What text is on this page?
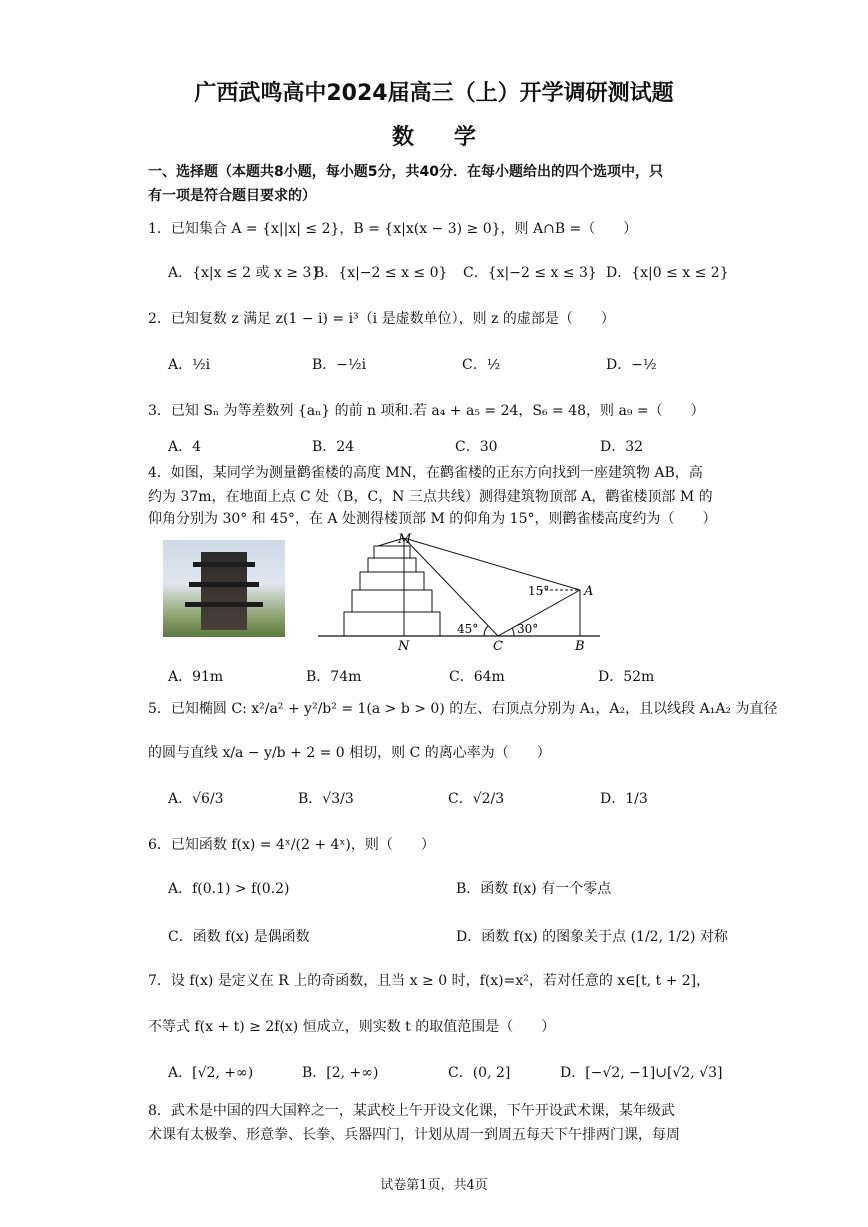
广西武鸣高中2024届高三（上）开学调研测试题
数学
一、选择题（本题共8小题，每小题5分，共40分．在每小题给出的四个选项中，只
有一项是符合题目要求的）
1．已知集合 A = {x||x| ≤ 2}，B = {x|x(x − 3) ≥ 0}，则 A∩B =（　　）
A．{x|x ≤ 2 或 x ≥ 3}
B．{x|−2 ≤ x ≤ 0} C．{x|−2 ≤ x ≤ 3} D．{x|0 ≤ x ≤ 2}
2．已知复数 z 满足 z(1 − i) = i³（i 是虚数单位），则 z 的虚部是（　　）
A．½i	B．−½i	C．½	D．−½
3．已知 Sₙ 为等差数列 {aₙ} 的前 n 项和.若 a₄ + a₅ = 24，S₆ = 48，则 a₉ =（　　）
A．4	B．24	C．30	D．32
4．如图，某同学为测量鹳雀楼的高度 MN，在鹳雀楼的正东方向找到一座建筑物 AB，高
约为 37m，在地面上点 C 处（B，C，N 三点共线）测得建筑物顶部 A，鹳雀楼顶部 M 的
仰角分别为 30° 和 45°，在 A 处测得楼顶部 M 的仰角为 15°，则鹳雀楼高度约为（　　）
M
A
N	C	B
15°
45°	30°
A．91m	B．74m	C．64m	D．52m
5．已知椭圆 C: x²/a² + y²/b² = 1(a > b > 0) 的左、右顶点分别为 A₁，A₂，且以线段 A₁A₂ 为直径
的圆与直线 x/a − y/b + 2 = 0 相切，则 C 的离心率为（　　）
A．√6/3	B．√3/3	C．√2/3	D．1/3
6．已知函数 f(x) = 4ˣ/(2 + 4ˣ)，则（　　）
A．f(0.1) > f(0.2)	B．函数 f(x) 有一个零点
C．函数 f(x) 是偶函数	D．函数 f(x) 的图象关于点 (1/2, 1/2) 对称
7．设 f(x) 是定义在 R 上的奇函数，且当 x ≥ 0 时，f(x)=x²，若对任意的 x∈[t, t + 2]，
不等式 f(x + t) ≥ 2f(x) 恒成立，则实数 t 的取值范围是（　　）
A．[√2, +∞)	B．[2, +∞)	C．(0, 2]	D．[−√2, −1]∪[√2, √3]
8．武术是中国的四大国粹之一，某武校上午开设文化课，下午开设武术课，某年级武
术课有太极拳、形意拳、长拳、兵器四门，计划从周一到周五每天下午排两门课，每周
试卷第1页，共4页
